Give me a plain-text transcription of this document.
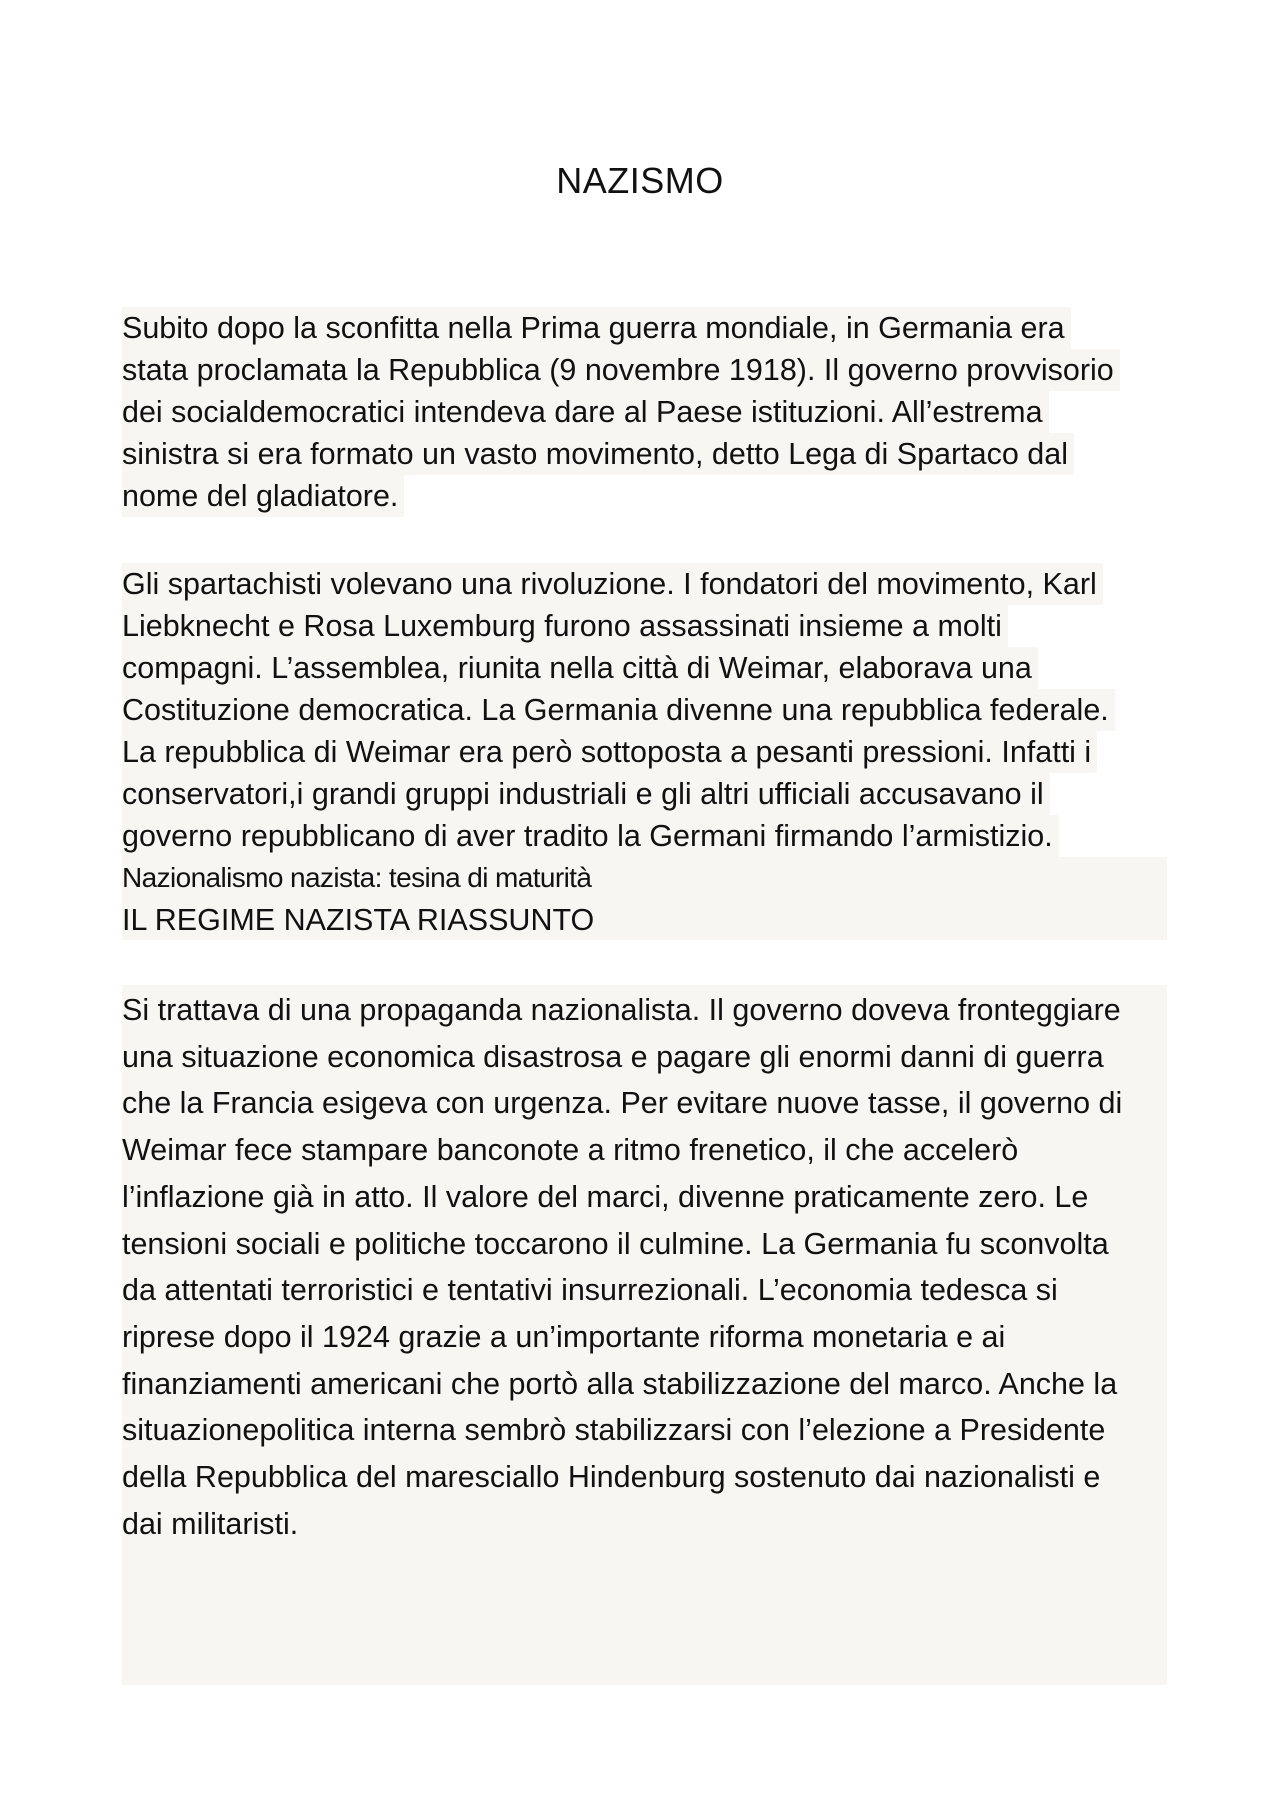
NAZISMO
Subito dopo la sconfitta nella Prima guerra mondiale, in Germania era
stata proclamata la Repubblica (9 novembre 1918). Il governo provvisorio
dei socialdemocratici intendeva dare al Paese istituzioni. All’estrema
sinistra si era formato un vasto movimento, detto Lega di Spartaco dal
nome del gladiatore.
Gli spartachisti volevano una rivoluzione. I fondatori del movimento, Karl
Liebknecht e Rosa Luxemburg furono assassinati insieme a molti
compagni. L’assemblea, riunita nella città di Weimar, elaborava una
Costituzione democratica. La Germania divenne una repubblica federale.
La repubblica di Weimar era però sottoposta a pesanti pressioni. Infatti i
conservatori,i grandi gruppi industriali e gli altri ufficiali accusavano il
governo repubblicano di aver tradito la Germani firmando l’armistizio.
Nazionalismo nazista: tesina di maturità
IL REGIME NAZISTA RIASSUNTO
Si trattava di una propaganda nazionalista. Il governo doveva fronteggiare
una situazione economica disastrosa e pagare gli enormi danni di guerra
che la Francia esigeva con urgenza. Per evitare nuove tasse, il governo di
Weimar fece stampare banconote a ritmo frenetico, il che accelerò
l’inflazione già in atto. Il valore del marci, divenne praticamente zero. Le
tensioni sociali e politiche toccarono il culmine. La Germania fu sconvolta
da attentati terroristici e tentativi insurrezionali. L’economia tedesca si
riprese dopo il 1924 grazie a un’importante riforma monetaria e ai
finanziamenti americani che portò alla stabilizzazione del marco. Anche la
situazionepolitica interna sembrò stabilizzarsi con l’elezione a Presidente
della Repubblica del maresciallo Hindenburg sostenuto dai nazionalisti e
dai militaristi.
